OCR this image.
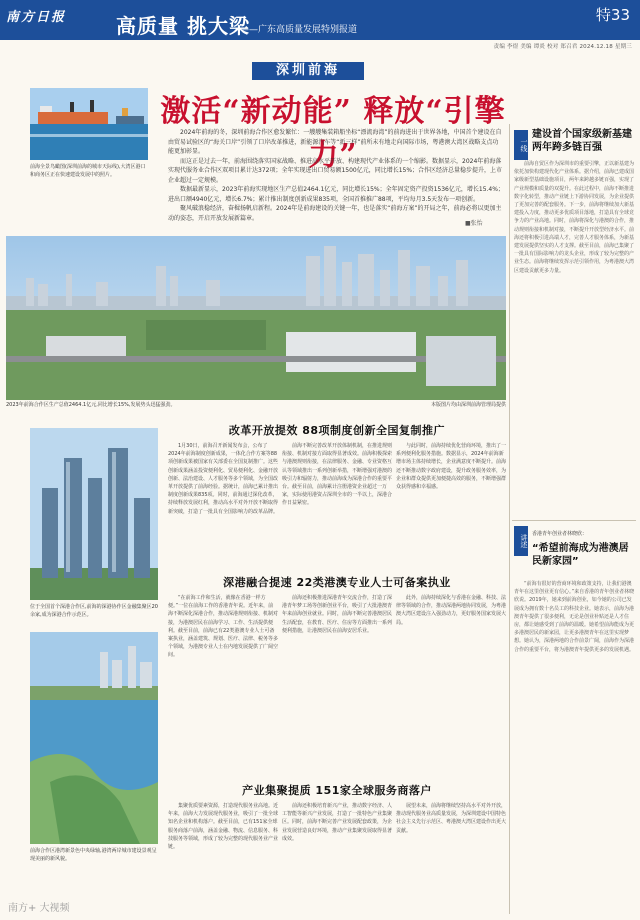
南方日报 高质量 挑大梁
——广东高质量发展特别报道
特33
责编 李煜 美编 谭炎 校对 郑召君 2024.12.18 星期三
深圳前海
激活“新动能” 释放“引擎力”

2024年前海的冬，深圳前海合作区愈发繁忙：一艘艘集装箱船坐标“漂流海湾”的前海进出于世界各地，中国首个建设在自由贸易试验区的“海关口岸”引领了口岸改革推进，新能源汽车等“新三样”前所未有地走向国际市场，粤港澳大湾区战略支点功能更加彰显。

而这正是过去一年，前海围绕落实国家战略、推进高水平开放、构建现代产业体系的一个缩影。数据显示，2024年前海落实现代服务业合作区双项目累计达372项；全年实现进出口贸易额1500亿元，同比增长15%；合作区经济总量稳步提升，上市企业超过一定规模。

数据最新显示，2023年前海实现地区生产总值2464.1亿元，同比增长15%；全年固定资产投资1536亿元，增长15.4%；进出口额4940亿元，增长6.7%；累计推出制度创新成果835项，全国首推推广88项，平均每月3.5天发布一项创新。

聚风破浪稳经济，奋楫扬帆启新程。2024年是前海建设的关键一年，也是落实“前海方案”的开局之年，前海必将以更加主动的姿态，开启开放发展新篇章。

■张怡
前海全景鸟瞰图(深圳前海的城市天际线),大湾区港口和商务区正在快速建设发展中的照片。
2023年前海合作区生产总值2464.1亿元,同比增长15%,发展势头迅猛强劲。	本版图片均由深圳前海管理局提供
位于全国首个深港合作区,前海的深港协作区金融集聚区20余家,成为深港合作示范区。
前海合作区港湾新景色中央绿轴,港湾两岸城市建设景观呈现美丽的新风貌。
改革开放提效 88项制度创新全国复制推广
1月30日，前海召开新闻发布会，公布了2024年前海制度创新成果，一体化合作方案等88项创新成果被国家有关部委在全国复制推广。这些创新成果涵盖投资便利化、贸易便利化、金融开放创新、法治建设、人才服务等多个领域，为全国改革开放提供了前海经验。据统计，前海已累计推出制度创新成果835项。同时，前海通过深化改革，持续释放发展红利，推动高水平对外开放不断取得新突破，打造了一批具有全国影响力的改革品牌。
前海不断完善改革开放体制机制，在推进规则衔接、机制对接方面取得显著成效。前海积极探索与港澳规则衔接，在法律服务、金融、专业资格互认等领域推出一系列创新举措，不断增强对港澳的吸引力和辐射力，推动前海成为深港合作的重要平台。截至目前，前海累计注册港资企业超过一万家，实际使用港资占深圳全市的一半以上，深港合作日益紧密。
与此同时，前海持续优化营商环境，推出了一系列便利化服务措施。数据显示，2024年前海新增市场主体持续增长，企业满意度不断提升。前海还不断推动数字政府建设，提升政务服务效率，为企业和群众提供更加便捷高效的服务，不断增强群众获得感和幸福感。
深港融合提速 22类港澳专业人士可备案执业
“在前海工作和生活，就像在香港一样方便。”一位在前海工作的香港青年说。近年来，前海不断深化深港合作，推动深港规则衔接、机制对接，为港澳居民在前海学习、工作、生活提供便利。截至目前，前海已有22类港澳专业人士可备案执业，涵盖建筑、规划、医疗、法律、税务等多个领域，为港澳专业人士在内地发展提供了广阔空间。
前海还积极推进深港青年交流合作，打造了深港青年梦工场等创新创业平台，吸引了大批港澳青年来前海创业就业。同时，前海不断完善港澳居民生活配套，在教育、医疗、住房等方面推出一系列便利措施，让港澳居民在前海安居乐业。
此外，前海持续深化与香港在金融、科技、法律等领域的合作，推动深港两地协同发展，为粤港澳大湾区建设注入强劲动力，更好服务国家发展大局。
产业集聚提质 151家全球服务商落户
集聚优质要素资源，打造现代服务业高地。近年来，前海大力发展现代服务业，吸引了一批全球知名企业和机构落户。截至目前，已有151家全球服务商落户前海，涵盖金融、物流、信息服务、科技服务等领域，形成了较为完整的现代服务业产业链。
前海还积极培育新兴产业，推动数字经济、人工智能等新兴产业发展，打造了一批特色产业集聚区。同时，前海不断完善产业发展配套政策，为企业发展营造良好环境，推动产业集聚发展取得显著成效。
展望未来，前海将继续坚持高水平对外开放，推动现代服务业高质量发展，为深圳建设中国特色社会主义先行示范区、粤港澳大湾区建设作出更大贡献。
一线
建设首个国家级新基建两年跨多链百强
前海自贸区作为深圳市的重要引擎，正以新基建为依托加快构建现代化产业体系。据介绍，前海已建成国家级新型基础设施项目，两年来跨越多链百强，实现了产业规模和质量的双提升。在此过程中，前海不断推进数字化转型，推动产业链上下游协同发展，为企业提供了更加完善的配套服务。下一步，前海将继续加大新基建投入力度，推动更多优质项目落地，打造具有全球竞争力的产业高地。同时，前海将深化与港澳的合作，推动规则衔接和机制对接，不断提升开放型经济水平。前海还将积极引进高端人才，完善人才服务体系，为新基建发展提供坚实的人才支撑。截至目前，前海已集聚了一批具有国际影响力的龙头企业，形成了较为完整的产业生态。前海将继续发挥示范引领作用，为粤港澳大湾区建设贡献更多力量。
讲述 香港青年创业者林晓欣：
“希望前海成为港澳居民新家园”
“前海有很好的营商环境和政策支持，让我们港澳青年在这里创业更有信心。”来自香港的青年创业者林晓欣说。2019年，她来到前海创业，如今她的公司已发展成为拥有数十名员工的科技企业。她表示，前海为港澳青年提供了很多便利，无论是创业补贴还是人才住房，都让她感受到了前海的温暖。她希望前海能成为更多港澳居民的新家园，让更多港澳青年在这里实现梦想。她认为，深港两地的合作前景广阔，前海作为深港合作的重要平台，将为港澳青年提供更多的发展机遇。
南方+ 大视频
